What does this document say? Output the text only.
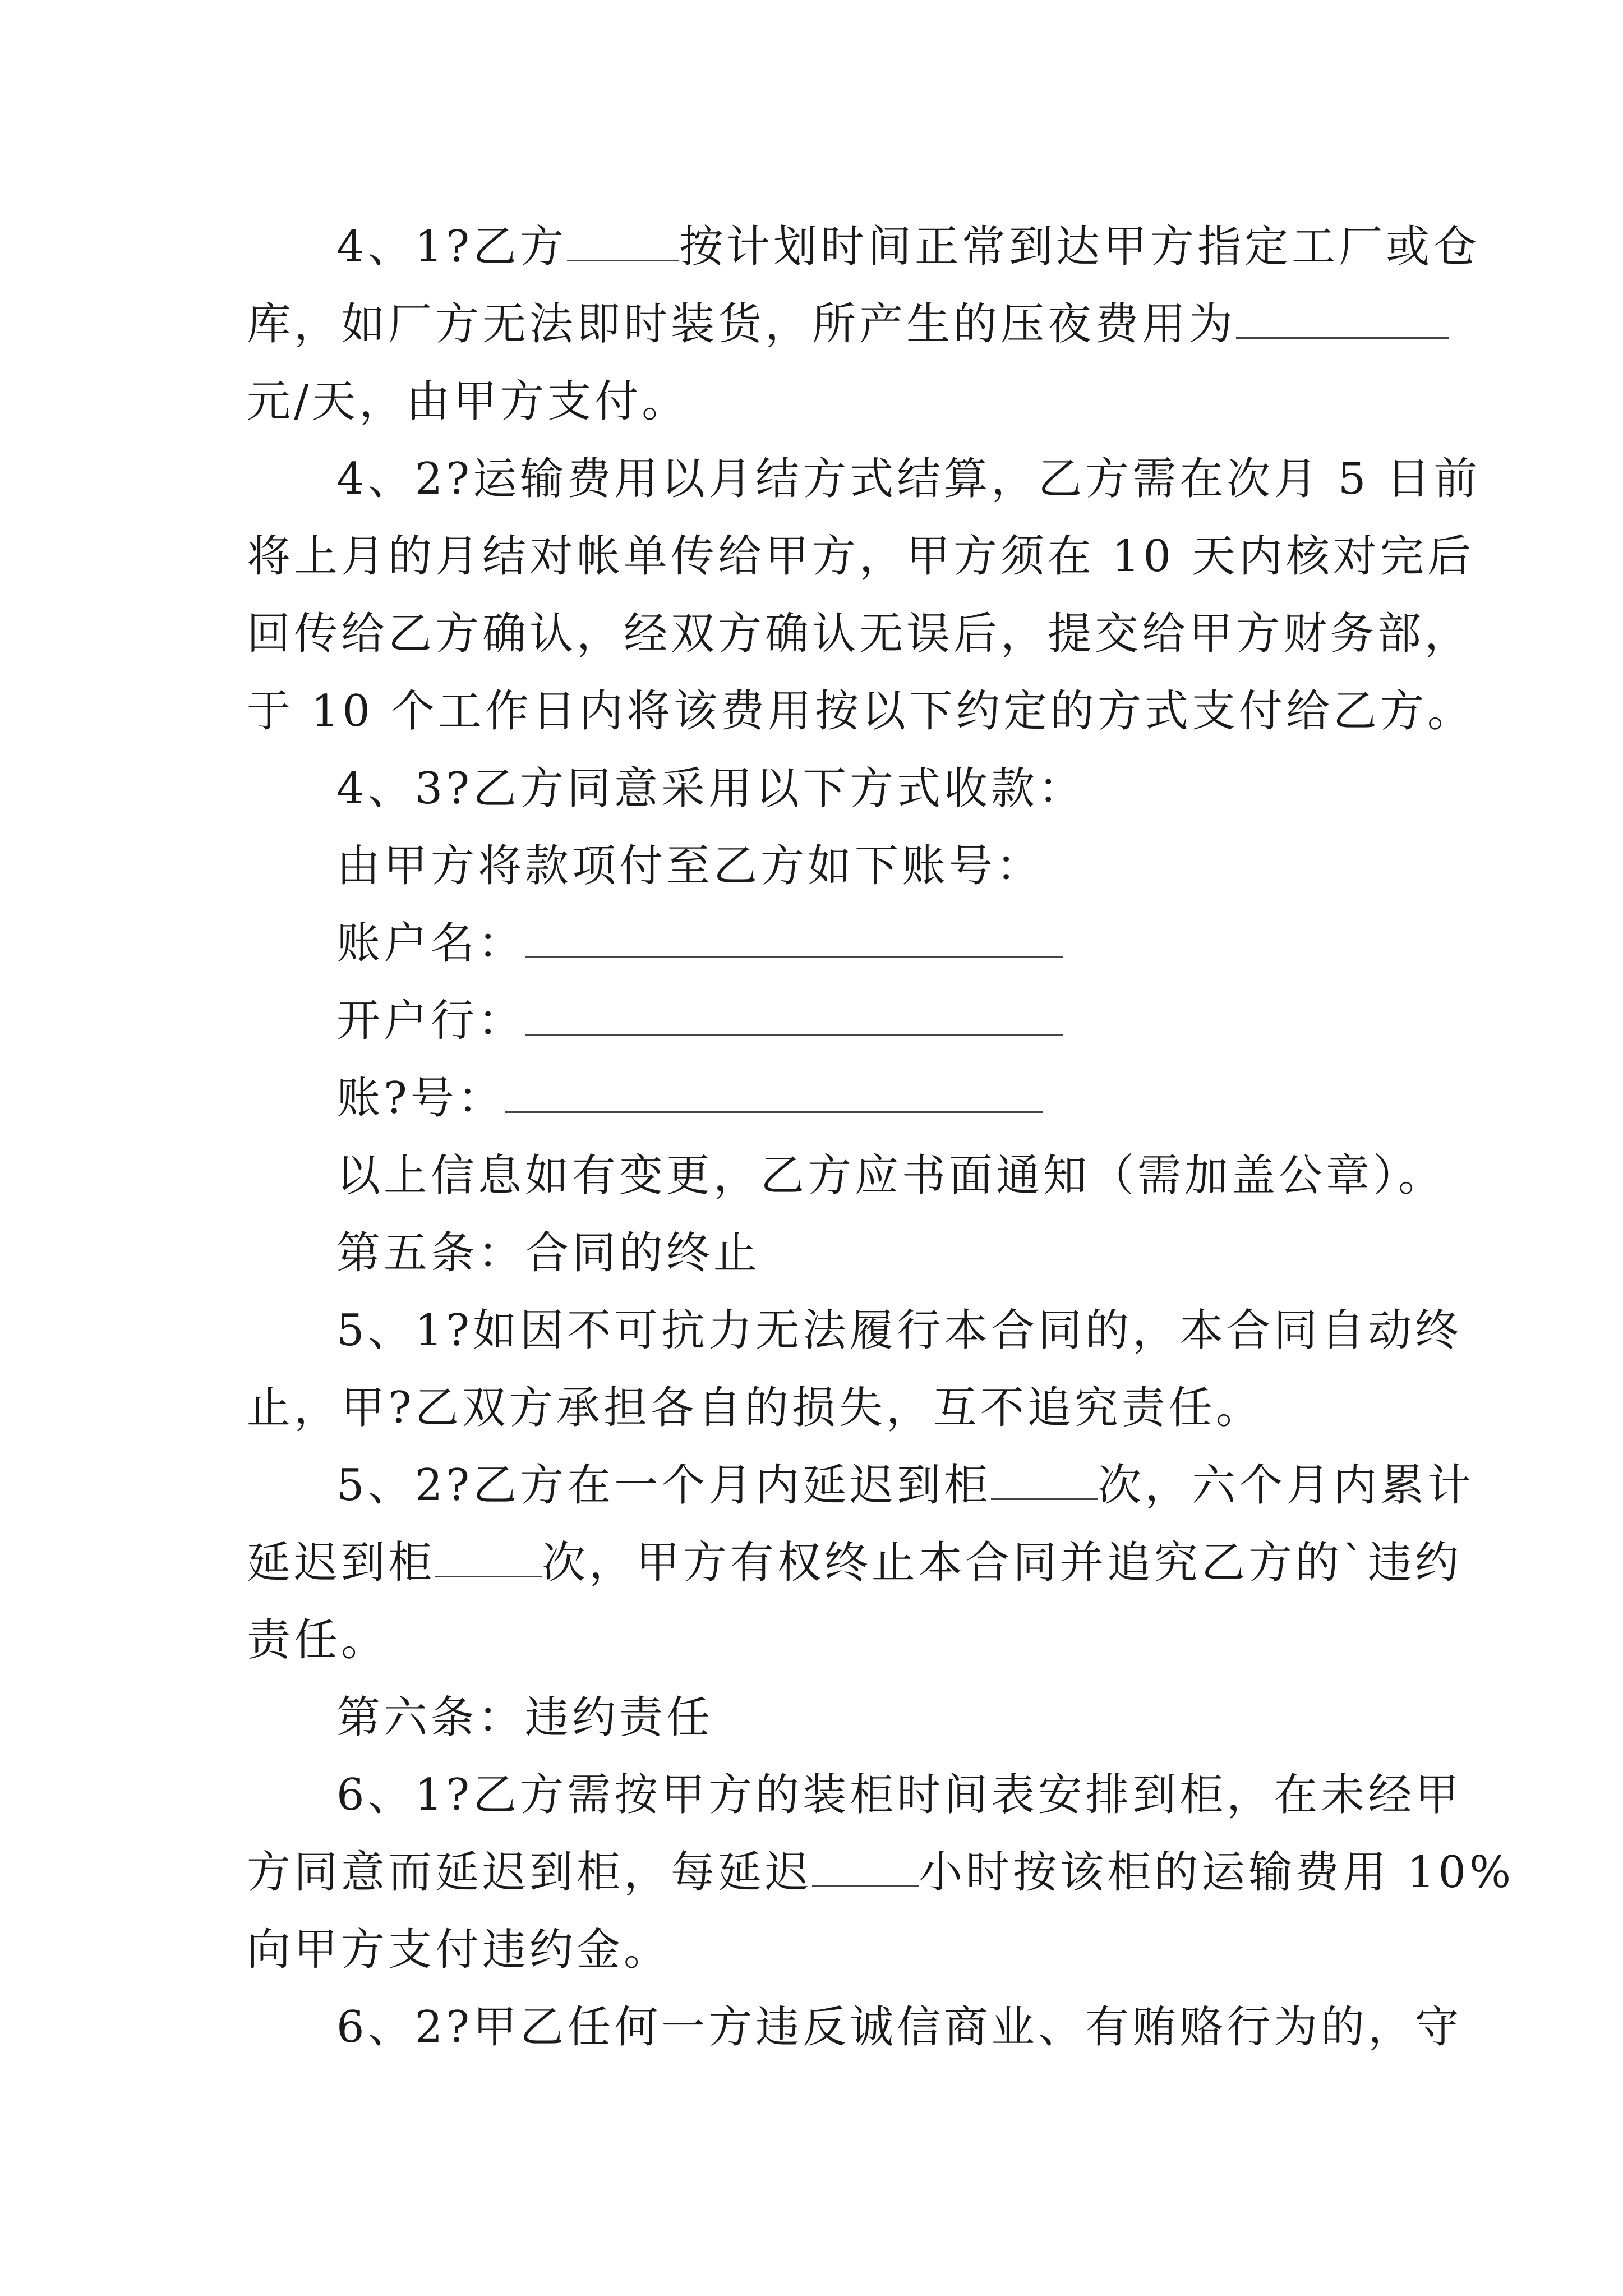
4、1?乙方	按计划时间正常到达甲方指定工厂或仓
库，如厂方无法即时装货，所产生的压夜费用为
元/天，由甲方支付。
4、2?运输费用以月结方式结算，乙方需在次月 5 日前
将上月的月结对帐单传给甲方，甲方须在 10 天内核对完后
回传给乙方确认，经双方确认无误后，提交给甲方财务部，
于 10 个工作日内将该费用按以下约定的方式支付给乙方。
4、3?乙方同意采用以下方式收款：
由甲方将款项付至乙方如下账号：
账户名：
开户行：
账?号：
以上信息如有变更，乙方应书面通知（需加盖公章）。
第五条：合同的终止
5、1?如因不可抗力无法履行本合同的，本合同自动终
止，甲?乙双方承担各自的损失，互不追究责任。
5、2?乙方在一个月内延迟到柜 次，六个月内累计
延迟到柜 次，甲方有权终止本合同并追究乙方的`违约
责任。
第六条：违约责任
6、1?乙方需按甲方的装柜时间表安排到柜，在未经甲
方同意而延迟到柜，每延迟 小时按该柜的运输费用 10%
向甲方支付违约金。
6、2?甲乙任何一方违反诚信商业、有贿赂行为的，守
